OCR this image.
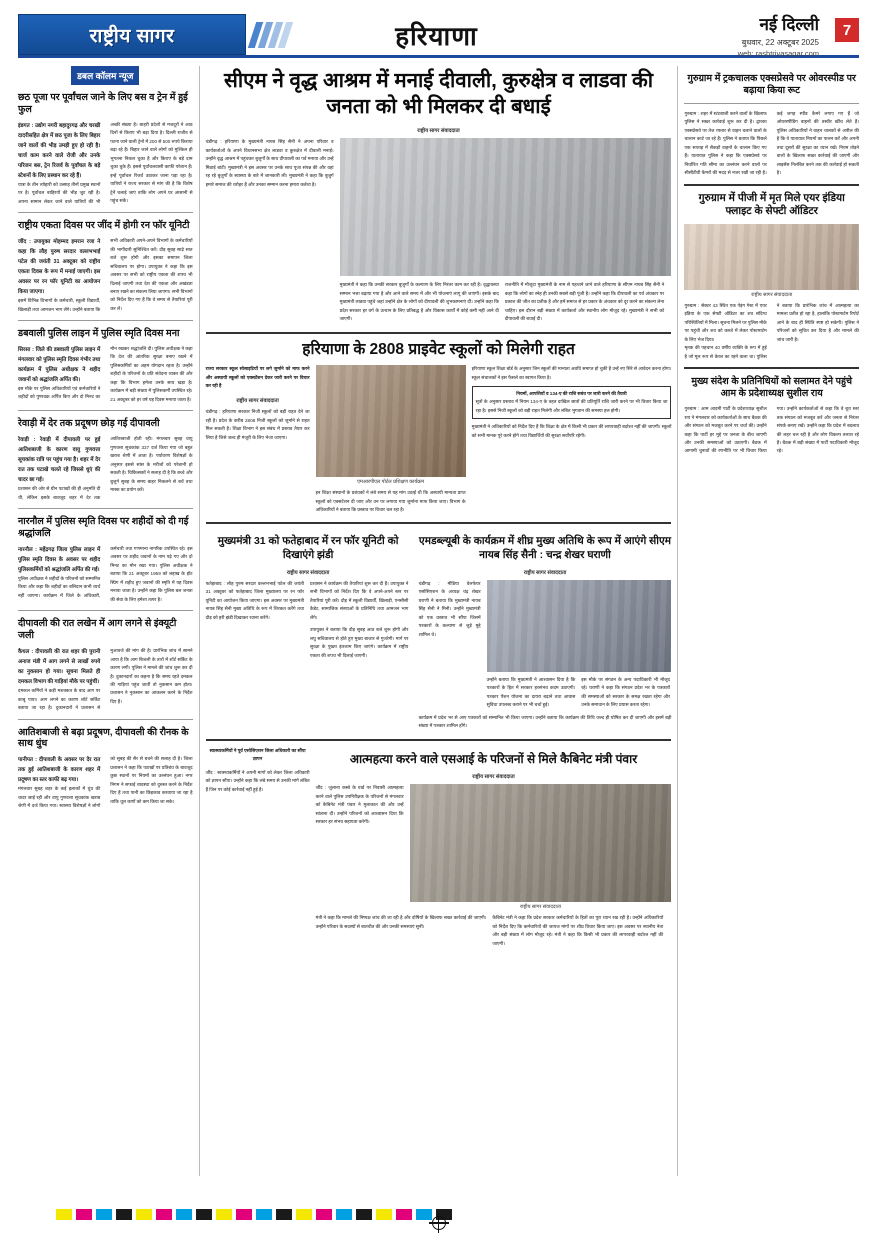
राष्ट्रीय सागर	हरियाणा	नई दिल्ली
बुधवार, 22 अक्टूबर 2025
web: rashtriyasagar.com
7
डबल कॉलम न्यूज
छठ पूजा पर पूर्वांचल जाने के लिए बस व ट्रेन में हुई फुल
इंडगत : उद्योग नगरी बहादुरगढ़ और चरखी दादरीसहित क्षेत्र में छठ पूजा के लिए बिहार जाने वालों की भीड़ उमड़ी हुए हो रही है। चार्ज काम करने वाले रोजी और उनके परिजन बस, ट्रेन रिजर्व के पूर्वांचल के बड़े स्टेशनों के लिए प्रस्थान कर रहे हैं।
यात्रा के तीन त्योहारी को उत्साह तीनों प्रमुख स्थानों पर है। पूर्वांचल बाहिरयों की भीड़ जुट रही है। अपना सामान लेकर जाने वाले यात्रियों की भी अच्छी संख्या है। बाहरी प्रदेशों से मजदूरों ने आठ दिनों से किराए भी बढ़ा दिया है। दिल्ली राजीव से पटना जाने वाली ट्रेनों में 200 से 500 रुपये किराया बढ़ा रहे हैं। बिहार जाने वाले लोगों को मुश्किल ही भुगतना निकल चुका है और किराए के बड़े दाम चुका चुके हैं। इससे पूर्वांचलवासी काफी परेशान हैं। इन्हें पूर्वांचल रिजर्व उठाकर जाना पड़ा रहा है। यात्रियों ने राज्य सरकार से मांग की है कि विशेष ट्रेनें चलाई जाएं ताकि लोग अपने घर आसानी से पहुंच सकें।
राष्ट्रीय एकता दिवस पर जींद में होगी रन फॉर यूनिटी
जींद : उपायुक्त मोहम्मद इमरान रजा ने कहा कि लौह पुरुष सरदार वल्लभभाई पटेल की जयंती 31 अक्टूबर को राष्ट्रीय एकता दिवस के रूप में मनाई जाएगी। इस अवसर पर रन फॉर यूनिटी का आयोजन किया जाएगा।
इसमें विभिन्न विभागों के कर्मचारी, स्कूली विद्यार्थी, खिलाड़ी तथा आमजन भाग लेंगे। उन्होंने बताया कि सभी अधिकारी अपने-अपने विभागों के कर्मचारियों की भागीदारी सुनिश्चित करें। दौड़ सुबह साढ़े सात बजे शुरू होगी और इसका समापन जिला सचिवालय पर होगा। उपायुक्त ने कहा कि इस अवसर पर सभी को राष्ट्रीय एकता की शपथ भी दिलाई जाएगी तथा देश की एकता और अखंडता बनाए रखने का संकल्प लिया जाएगा। सभी विभागों को निर्देश दिए गए हैं कि वे समय से तैयारियां पूरी कर लें।
डबवाली पुलिस लाइन में पुलिस स्मृति दिवस मना
सिरसा : जिले की डबवाली पुलिस लाइन में मंगलवार को पुलिस स्मृति दिवस गंभीर तथा कार्यक्रम में पुलिस अधीक्षक ने शहीद जवानों को श्रद्धांजलि अर्पित की।
इस मौके पर पुलिस अधिकारियों एवं कर्मचारियों ने शहीदों को पुष्पचक्र अर्पित किए और दो मिनट का मौन रखकर श्रद्धांजलि दी। पुलिस अधीक्षक ने कहा कि देश की आंतरिक सुरक्षा बनाए रखने में पुलिसकर्मियों का अहम योगदान रहता है। उन्होंने शहीदों के परिजनों के प्रति संवेदना व्यक्त की और कहा कि विभाग हमेशा उनके साथ खड़ा है। कार्यक्रम में बड़ी संख्या में पुलिसकर्मी उपस्थित रहे। 21 अक्टूबर को हर वर्ष यह दिवस मनाया जाता है।
रेवाड़ी में देर तक प्रदूषण छोड़ गई दीपावली
रेवाड़ी : रेवाड़ी में दीपावली पर हुई आतिशबाजी के कारण वायु गुणवत्ता सूचकांक रात्रि पर पहुंच गया है। शहर में देर रात तक पटाखे चलते रहे जिससे धुएं की चादर छा गई।
प्रशासन की ओर से ग्रीन पटाखों की ही अनुमति दी थी, लेकिन इसके बावजूद शहर में देर तक आतिशबाजी होती रही। मंगलवार सुबह वायु गुणवत्ता सूचकांक 337 दर्ज किया गया जो बहुत खराब श्रेणी में आता है। पर्यावरण विशेषज्ञों के अनुसार इससे सांस के मरीजों को परेशानी हो सकती है। चिकित्सकों ने सलाह दी है कि बच्चे और बुजुर्ग सुबह के समय बाहर निकलने से बचें तथा मास्क का प्रयोग करें।
नारनौल में पुलिस स्मृति दिवस पर शहीदों को दी गई श्रद्धांजलि
नारनौल : महेंद्रगढ़ जिला पुलिस लाइन में पुलिस स्मृति दिवस के अवसर पर शहीद पुलिसकर्मियों को श्रद्धांजलि अर्पित की गई।
पुलिस अधीक्षक ने शहीदों के परिजनों को सम्मानित किया और कहा कि शहीदों का बलिदान कभी व्यर्थ नहीं जाएगा। कार्यक्रम में जिले के अधिकारी, कर्मचारी तथा गणमान्य नागरिक उपस्थित रहे। इस अवसर पर शहीद जवानों के नाम पढ़े गए और दो मिनट का मौन रखा गया। पुलिस अधीक्षक ने बताया कि 21 अक्टूबर 1959 को लद्दाख के हॉट स्प्रिंग में शहीद हुए जवानों की स्मृति में यह दिवस मनाया जाता है। उन्होंने कहा कि पुलिस बल जनता की सेवा के लिए हमेशा तत्पर है।
दीपावली की रात लखेन में आग लगने से इंक्यूटी जली
कैथल : दीपावली की रात शहर की पुरानी अनाज मंडी में आग लगने से लाखों रुपये का नुकसान हो गया। सूचना मिलते ही दमकल विभाग की गाड़ियां मौके पर पहुंचीं।
दमकल कर्मियों ने कड़ी मशक्कत के बाद आग पर काबू पाया। आग लगने का कारण शॉर्ट सर्किट बताया जा रहा है। दुकानदारों ने प्रशासन से मुआवजे की मांग की है। प्रारंभिक जांच में सामने आया है कि आग बिजली के तारों में शॉर्ट सर्किट के कारण लगी। पुलिस ने मामले की जांच शुरू कर दी है। दुकानदारों का कहना है कि समय रहते दमकल की गाड़ियां पहुंच जातीं तो नुकसान कम होता। प्रशासन ने नुकसान का आकलन करने के निर्देश दिए हैं।
आतिशबाजी से बढ़ा प्रदूषण, दीपावली की रौनक के साथ धुंध
पानीपत : दीपावली के अवसर पर देर रात तक हुई आतिशबाजी के कारण शहर में प्रदूषण का स्तर काफी बढ़ गया।
मंगलवार सुबह शहर के कई इलाकों में धुंध की चादर छाई रही और वायु गुणवत्ता सूचकांक खराब श्रेणी में दर्ज किया गया। स्वास्थ्य विशेषज्ञों ने लोगों को सुबह की सैर से बचने की सलाह दी है। जिला प्रशासन ने कहा कि पटाखों पर प्रतिबंध के बावजूद कुछ स्थानों पर नियमों का उल्लंघन हुआ। नगर निगम ने सफाई व्यवस्था को दुरुस्त करने के निर्देश दिए हैं तथा पानी का छिड़काव करवाया जा रहा है ताकि धूल कणों को कम किया जा सके।
सीएम ने वृद्ध आश्रम में मनाई दीवाली, कुरुक्षेत्र व लाडवा की जनता को भी मिलकर दी बधाई
राष्ट्रीय सागर संवाददाता
चंडीगढ़ : हरियाणा के मुख्यमंत्री नायब सिंह सैनी ने अपना परिवार व कार्यकर्ताओं के अपने विधानसभा क्षेत्र लाडवा व कुरुक्षेत्र में दीवाली मनाई। उन्होंने वृद्ध आश्रम में पहुंचकर बुजुर्गों के साथ दीपावली का पर्व मनाया और उन्हें मिठाई बांटी। मुख्यमंत्री ने इस अवसर पर उनके साथ पूजा संपन्न की और वहां रह रहे बुजुर्गों के स्वास्थ्य के बारे में जानकारी ली। मुख्यमंत्री ने कहा कि बुजुर्ग हमारे समाज की धरोहर हैं और उनका सम्मान करना हमारा कर्तव्य है।
मुख्यमंत्री ने कहा कि उनकी सरकार बुजुर्गों के कल्याण के लिए निरंतर काम कर रही है। वृद्धावस्था सम्मान भत्ता बढ़ाया गया है और आने वाले समय में और भी योजनाएं लागू की जाएंगी। इसके बाद मुख्यमंत्री लाडवा पहुंचे जहां उन्होंने क्षेत्र के लोगों को दीपावली की शुभकामनाएं दीं। उन्होंने कहा कि प्रदेश सरकार हर वर्ग के उत्थान के लिए प्रतिबद्ध है और विकास कार्यों में कोई कमी नहीं आने दी जाएगी।
राजनीति में मौजूदा मुख्यमंत्री के नाम से पहचाने जाने वाले हरियाणा के सीएम नायब सिंह सैनी ने कहा कि लोगों का स्नेह ही उनकी सबसे बड़ी पूंजी है। उन्होंने कहा कि दीपावली का पर्व अंधकार पर प्रकाश की जीत का प्रतीक है और हमें समाज से हर प्रकार के अंधकार को दूर करने का संकल्प लेना चाहिए। इस दौरान बड़ी संख्या में कार्यकर्ता और स्थानीय लोग मौजूद रहे। मुख्यमंत्री ने सभी को दीपावली की बधाई दी।
हरियाणा के 2808 प्राइवेट स्कूलों को मिलेगी राहत
राज्य सरकार स्कूल सोसाइटियों पर लगे जुर्माने को माफ करने और अस्थायी स्कूलों को एक्सटेंशन देकर जारी करने पर विचार कर रही है
राष्ट्रीय सागर संवाददाता
चंडीगढ़ : हरियाणा सरकार निजी स्कूलों को बड़ी राहत देने जा रही है। प्रदेश के करीब 2808 निजी स्कूलों को जुर्माने से राहत मिल सकती है। शिक्षा विभाग ने इस संबंध में प्रस्ताव तैयार कर लिया है जिसे जल्द ही मंजूरी के लिए भेजा जाएगा।
एमआरपीएल पोर्टल प्रशिक्षण कार्यक्रम
इन शिक्षा संस्थानों के प्रबंधकों ने लंबे समय से यह मांग उठाई थी कि अस्थायी मान्यता प्राप्त स्कूलों को एक्सटेंशन दी जाए और उन पर लगाया गया जुर्माना माफ किया जाए। विभाग के अधिकारियों ने बताया कि प्रस्ताव पर विचार चल रहा है।
हरियाणा स्कूल शिक्षा बोर्ड के अनुसार जिन स्कूलों की मान्यता अवधि समाप्त हो चुकी है उन्हें नए सिरे से आवेदन करना होगा। स्कूल संचालकों ने इस फैसले का स्वागत किया है।
नियमों, आपत्तियों व 134-ए की राशि सबंध पर जारी करने की तैयारी
सूत्रों के अनुसार प्रस्ताव में नियम 134-ए के तहत दाखिल छात्रों की प्रतिपूर्ति राशि जारी करने पर भी विचार किया जा रहा है। इससे निजी स्कूलों को बड़ी राहत मिलेगी और लंबित भुगतान की समस्या हल होगी।
मुख्यमंत्री ने अधिकारियों को निर्देश दिए हैं कि शिक्षा के क्षेत्र में किसी भी प्रकार की लापरवाही बर्दाश्त नहीं की जाएगी। स्कूलों को सभी मानक पूरे करने होंगे तथा विद्यार्थियों की सुरक्षा सर्वोपरि रहेगी।
मुख्यमंत्री 31 को फतेहाबाद में रन फॉर यूनिटी को दिखाएंगे झंडी
राष्ट्रीय सागर संवाददाता
फतेहाबाद : लौह पुरुष सरदार वल्लभभाई पटेल की जयंती 31 अक्टूबर को फतेहाबाद जिला मुख्यालय पर रन फॉर यूनिटी का आयोजन किया जाएगा। इस अवसर पर मुख्यमंत्री नायब सिंह सैनी मुख्य अतिथि के रूप में शिरकत करेंगे तथा दौड़ को हरी झंडी दिखाकर रवाना करेंगे।
प्रशासन ने कार्यक्रम की तैयारियां शुरू कर दी हैं। उपायुक्त ने सभी विभागों को निर्देश दिए कि वे अपने-अपने स्तर पर तैयारियां पूरी करें। दौड़ में स्कूली विद्यार्थी, खिलाड़ी, एनसीसी कैडेट, सामाजिक संस्थाओं के प्रतिनिधि तथा आमजन भाग लेंगे।
उपायुक्त ने बताया कि दौड़ सुबह आठ बजे शुरू होगी और लघु सचिवालय से होते हुए मुख्य बाजार से गुजरेगी। मार्ग पर सुरक्षा के पुख्ता इंतजाम किए जाएंगे। कार्यक्रम में राष्ट्रीय एकता की शपथ भी दिलाई जाएगी।
एमडब्ल्यूबी के कार्यक्रम में शीघ्र मुख्य अतिथि के रूप में आएंगे सीएम नायब सिंह सैनी : चन्द्र शेखर घराणी
राष्ट्रीय सागर संवाददाता
चंडीगढ़ : मीडिया वेलफेयर एसोसिएशन के अध्यक्ष चंद्र शेखर घराणी ने बताया कि मुख्यमंत्री नायब सिंह सैनी ने मिनी। उन्होंने मुख्यमंत्री को एक प्रस्ताव भी सौंपा जिसमें पत्रकारों के कल्याण से जुड़े मुद्दे शामिल थे।
उन्होंने बताया कि मुख्यमंत्री ने आश्वासन दिया है कि पत्रकारों के हित में सरकार हरसंभव कदम उठाएगी। पत्रकार पेंशन योजना का दायरा बढ़ाने तथा आवास सुविधा उपलब्ध कराने पर भी चर्चा हुई।
इस मौके पर संगठन के अन्य पदाधिकारी भी मौजूद रहे। घराणी ने कहा कि संगठन प्रदेश भर के पत्रकारों की समस्याओं को सरकार के समक्ष रखता रहेगा और उनके समाधान के लिए प्रयास करता रहेगा।
कार्यक्रम में प्रदेश भर से आए पत्रकारों को सम्मानित भी किया जाएगा। उन्होंने बताया कि कार्यक्रम की तिथि जल्द ही घोषित कर दी जाएगी और इसमें बड़ी संख्या में पत्रकार शामिल होंगे।
स्वास्थ्यकर्मियों ने पूर्व एसोसिएशन जिला अधिकारी का सौंपा ज्ञापन
जींद : स्वास्थ्यकर्मियों ने अपनी मांगों को लेकर जिला अधिकारी को ज्ञापन सौंपा। उन्होंने कहा कि लंबे समय से उनकी मांगें लंबित हैं जिन पर कोई कार्रवाई नहीं हुई है।
आत्महत्या करने वाले एसआई के परिजनों से मिले कैबिनेट मंत्री पंवार
राष्ट्रीय सागर संवाददाता
जींद : जुलाना कस्बे के वार्ड पर निवासी आत्महत्या करने वाले पुलिस उपनिरीक्षक के परिजनों से मंगलवार को कैबिनेट मंत्री पंवार ने मुलाकात की और उन्हें सांत्वना दी। उन्होंने परिजनों को आश्वासन दिया कि सरकार हर संभव सहायता करेगी।
राष्ट्रीय सागर संवाददाता
मंत्री ने कहा कि मामले की निष्पक्ष जांच की जा रही है और दोषियों के खिलाफ सख्त कार्रवाई की जाएगी। उन्होंने परिवार के सदस्यों से बातचीत की और उनकी समस्याएं सुनीं।
कैबिनेट मंत्री ने कहा कि प्रदेश सरकार कर्मचारियों के हितों का पूरा ध्यान रख रही है। उन्होंने अधिकारियों को निर्देश दिए कि कर्मचारियों की जायज मांगों पर शीघ्र विचार किया जाए। इस अवसर पर स्थानीय नेता और बड़ी संख्या में लोग मौजूद रहे। मंत्री ने कहा कि किसी भी प्रकार की लापरवाही बर्दाश्त नहीं की जाएगी।
गुरुग्राम में ट्रकचालक एक्सप्रेसवे पर ओवरस्पीड पर बढ़ाया किया रूट
गुरुग्राम : शहर में स्टंटबाजी करने वालों के खिलाफ पुलिस ने सख्त कार्रवाई शुरू कर दी है। द्वारका एक्सप्रेसवे पर तेज रफ्तार से वाहन चलाने वालों के चालान काटे जा रहे हैं। पुलिस ने बताया कि पिछले एक सप्ताह में सैकड़ों वाहनों के चालान किए गए हैं। यातायात पुलिस ने कहा कि एक्सप्रेसवे पर निर्धारित गति सीमा का उल्लंघन करने वालों पर सीसीटीवी कैमरों की मदद से नजर रखी जा रही है। कई जगह स्पीड कैमरे लगाए गए हैं जो ओवरस्पीडिंग वाहनों की तस्वीर खींच लेते हैं। पुलिस अधिकारियों ने वाहन चालकों से अपील की है कि वे यातायात नियमों का पालन करें और अपनी तथा दूसरों की सुरक्षा का ध्यान रखें। नियम तोड़ने वालों के खिलाफ सख्त कार्रवाई की जाएगी और लाइसेंस निलंबित करने तक की कार्रवाई हो सकती है।
गुरुग्राम में पीजी में मृत मिले एयर इंडिया फ्लाइट के सेफ्टी ऑडिटर
राष्ट्रीय सागर संवाददाता
गुरुग्राम : सेक्टर 43 स्थित एक पेइंग गेस्ट में एयर इंडिया के एक सेफ्टी ऑडिटर का शव संदिग्ध परिस्थितियों में मिला। सूचना मिलने पर पुलिस मौके पर पहुंची और शव को कब्जे में लेकर पोस्टमार्टम के लिए भेज दिया।
मृतक की पहचान 40 वर्षीय व्यक्ति के रूप में हुई है जो मूल रूप से केरल का रहने वाला था। पुलिस ने बताया कि प्रारंभिक जांच में आत्महत्या का मामला प्रतीत हो रहा है, हालांकि पोस्टमार्टम रिपोर्ट आने के बाद ही स्थिति स्पष्ट हो सकेगी। पुलिस ने परिजनों को सूचित कर दिया है और मामले की जांच जारी है।
मुख्य संदेश के प्रतिनिधियों को सलामत देने पहुंचे आम के प्रदेशाध्यक्ष सुशील राय
गुरुग्राम : आम आदमी पार्टी के प्रदेशाध्यक्ष सुशील राय ने मंगलवार को कार्यकर्ताओं के साथ बैठक की और संगठन को मजबूत करने पर चर्चा की। उन्होंने कहा कि पार्टी हर मुद्दे पर जनता के बीच जाएगी और उनकी समस्याओं को उठाएगी। बैठक में आगामी चुनावों की रणनीति पर भी विचार किया गया। उन्होंने कार्यकर्ताओं से कहा कि वे बूथ स्तर तक संगठन को मजबूत करें और जनता से निरंतर संपर्क बनाए रखें। उन्होंने कहा कि प्रदेश में बदलाव की लहर चल रही है और लोग विकल्प तलाश रहे हैं। बैठक में बड़ी संख्या में पार्टी पदाधिकारी मौजूद रहे।
